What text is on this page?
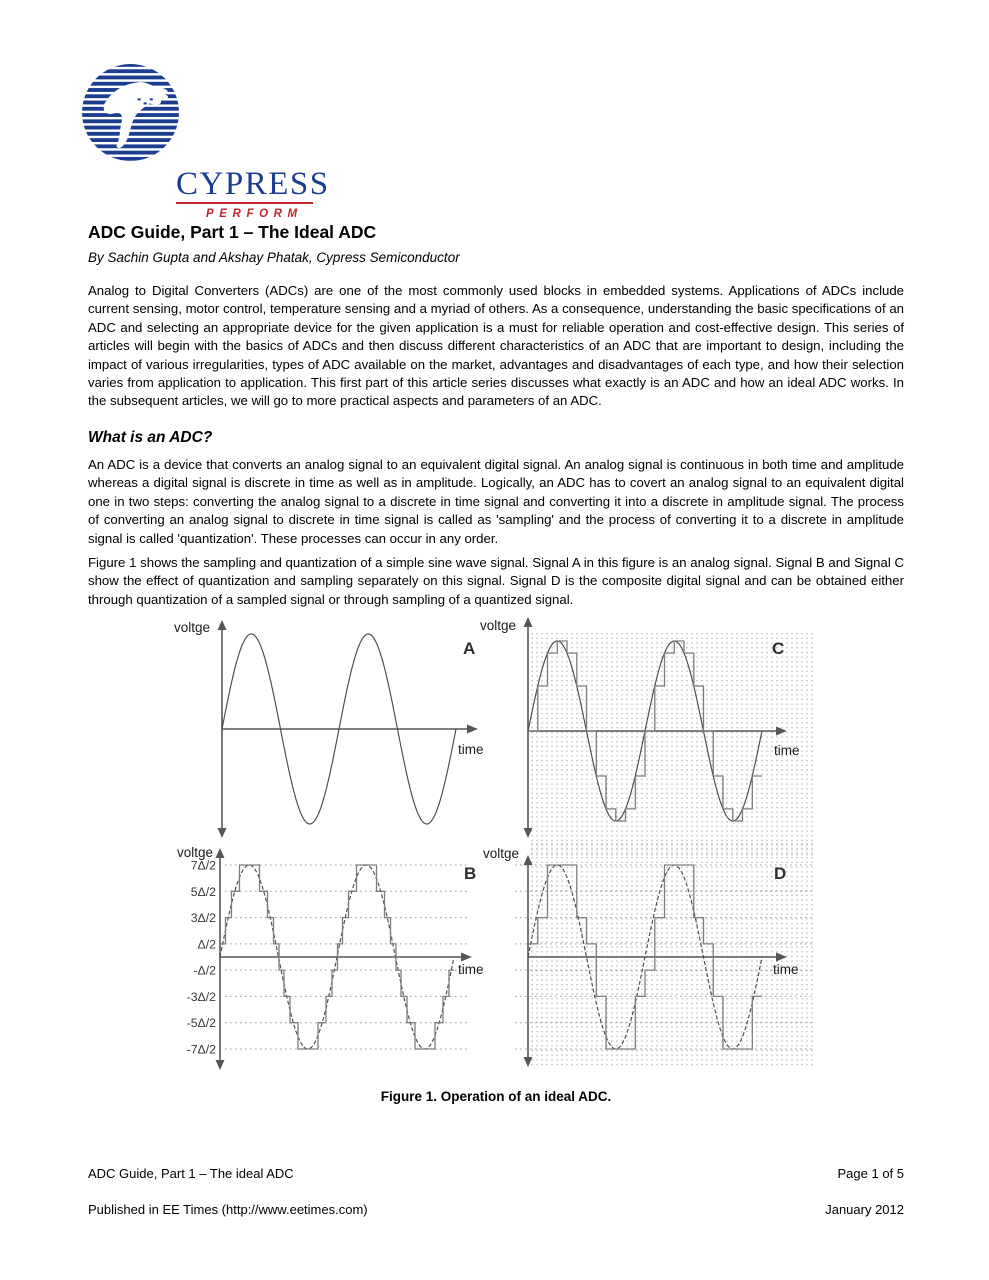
CYPRESS
PERFORM
ADC Guide, Part 1 – The Ideal ADC
By Sachin Gupta and Akshay Phatak, Cypress Semiconductor
Analog to Digital Converters (ADCs) are one of the most commonly used blocks in embedded systems. Applications of ADCs include current sensing, motor control, temperature sensing and a myriad of others. As a consequence, understanding the basic specifications of an ADC and selecting an appropriate device for the given application is a must for reliable operation and cost-effective design. This series of articles will begin with the basics of ADCs and then discuss different characteristics of an ADC that are important to design, including the impact of various irregularities, types of ADC available on the market, advantages and disadvantages of each type, and how their selection varies from application to application. This first part of this article series discusses what exactly is an ADC and how an ideal ADC works. In the subsequent articles, we will go to more practical aspects and parameters of an ADC.
What is an ADC?
An ADC is a device that converts an analog signal to an equivalent digital signal. An analog signal is continuous in both time and amplitude whereas a digital signal is discrete in time as well as in amplitude. Logically, an ADC has to covert an analog signal to an equivalent digital one in two steps: converting the analog signal to a discrete in time signal and converting it into a discrete in amplitude signal. The process of converting an analog signal to discrete in time signal is called as 'sampling' and the process of converting it to a discrete in amplitude signal is called 'quantization'. These processes can occur in any order.
Figure 1 shows the sampling and quantization of a simple sine wave signal. Signal A in this figure is an analog signal. Signal B and Signal C show the effect of quantization and sampling separately on this signal. Signal D is the composite digital signal and can be obtained either through quantization of a sampled signal or through sampling of a quantized signal.
voltge
time
A
voltge
time
C
voltge
time
B
7Δ/2
5Δ/2
3Δ/2
Δ/2
-Δ/2
-3Δ/2
-5Δ/2
-7Δ/2
voltge
time
D
Figure 1. Operation of an ideal ADC.
ADC Guide, Part 1 – The ideal ADC	Page 1 of 5
Published in EE Times (http://www.eetimes.com)	January 2012
